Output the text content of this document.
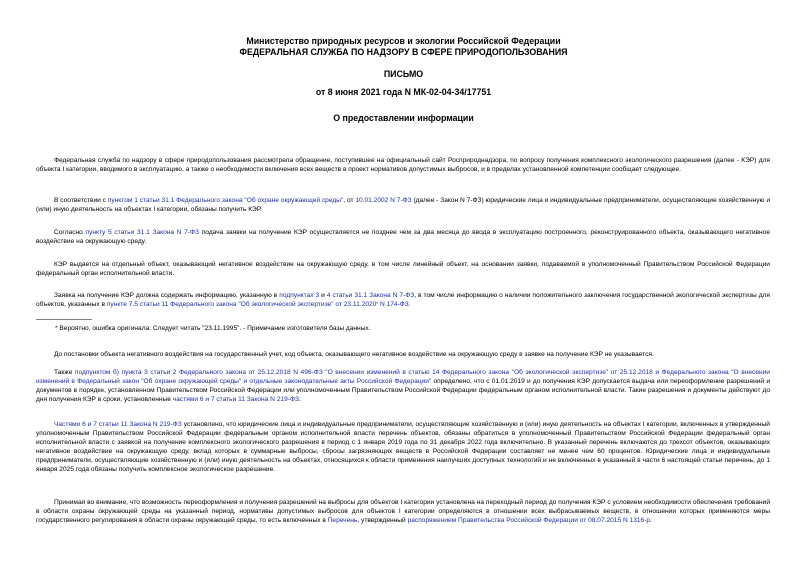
Министерство природных ресурсов и экологии Российской Федерации
ФЕДЕРАЛЬНАЯ СЛУЖБА ПО НАДЗОРУ В СФЕРЕ ПРИРОДОПОЛЬЗОВАНИЯ
ПИСЬМО
от 8 июня 2021 года N МК-02-04-34/17751
О предоставлении информации

Федеральная служба по надзору в сфере природопользования рассмотрела обращение, поступившее на официальный сайт Росприроднадзора, по вопросу получения комплексного экологического разрешения (далее - КЭР) для объекта I категории, вводимого в эксплуатацию, а также о необходимости включения всех веществ в проект нормативов допустимых выбросов, и в пределах установленной компетенции сообщает следующее.

В соответствии с пунктом 1 статьи 31.1 Федерального закона "Об охране окружающей среды", от 10.01.2002 N 7-ФЗ (далее - Закон N 7-ФЗ) юридические лица и индивидуальные предприниматели, осуществляющие хозяйственную и (или) иную деятельность на объектах I категории, обязаны получить КЭР.

Согласно пункту 5 статьи 31.1 Закона N 7-ФЗ подача заявки на получение КЭР осуществляется не позднее чем за два месяца до ввода в эксплуатацию построенного, реконструированного объекта, оказывающего негативное воздействие на окружающую среду.

КЭР выдается на отдельный объект, оказывающий негативное воздействие на окружающую среду, в том числе линейный объект, на основании заявки, подаваемой в уполномоченный Правительством Российской Федерации федеральный орган исполнительной власти.

Заявка на получение КЭР должна содержать информацию, указанную в подпунктах 3 и 4 статьи 31.1 Закона N 7-ФЗ, в том числе информацию о наличии положительного заключения государственной экологической экспертизы для объектов, указанных в пункте 7.5 статьи 11 Федерального закона "Об экологической экспертизе" от 23.11.2020* N 174-ФЗ.

* Вероятно, ошибка оригинала. Следует читать "23.11.1995". - Примечание изготовителя базы данных.

До постановки объекта негативного воздействия на государственный учет, код объекта, оказывающего негативное воздействие на окружающую среду в заявке на получение КЭР не указывается.

Также подпунктом б) пункта 3 статьи 2 Федерального закона от 25.12.2018 N 496-ФЗ "О внесении изменений в статью 14 Федерального закона "Об экологической экспертизе" от 25.12.2018 и Федерального закона "О внесении изменений в Федеральный закон "Об охране окружающей среды" и отдельные законодательные акты Российской Федерации" определено, что с 01.01.2019 и до получения КЭР допускается выдача или переоформление разрешений и документов в порядке, установленном Правительством Российской Федерации или уполномоченным Правительством Российской Федерации федеральным органом исполнительной власти. Такие разрешения и документы действуют до дня получения КЭР в сроки, установленные частями 6 и 7 статьи 11 Закона N 219-ФЗ.

Частями 6 и 7 статьи 11 Закона N 219-ФЗ установлено, что юридические лица и индивидуальные предприниматели, осуществляющие хозяйственную и (или) иную деятельность на объектах I категории, включенных в утвержденный уполномоченным Правительством Российской Федерации федеральным органом исполнительной власти перечень объектов, обязаны обратиться в уполномоченный Правительством Российской Федерации федеральный орган исполнительной власти с заявкой на получение комплексного экологического разрешения в период с 1 января 2019 года по 31 декабря 2022 года включительно. В указанный перечень включаются до трехсот объектов, оказывающих негативное воздействие на окружающую среду, вклад которых в суммарные выбросы, сбросы загрязняющих веществ в Российской Федерации составляет не менее чем 60 процентов. Юридические лица и индивидуальные предприниматели, осуществляющие хозяйственную и (или) иную деятельность на объектах, относящихся к области применения наилучших доступных технологий и не включенных в указанный в части 6 настоящей статьи перечень, до 1 января 2025 года обязаны получить комплексное экологическое разрешение.

Принимая во внимание, что возможность переоформления и получения разрешений на выбросы для объектов I категории установлена на переходный период до получения КЭР с условием необходимости обеспечения требований в области охраны окружающей среды на указанный период, нормативы допустимых выбросов для объектов I категории определяются в отношении всех выбрасываемых веществ, в отношении которых применяются меры государственного регулирования в области охраны окружающей среды, то есть включенных в Перечень, утвержденный распоряжением Правительства Российской Федерации от 08.07.2015 N 1316-р.
